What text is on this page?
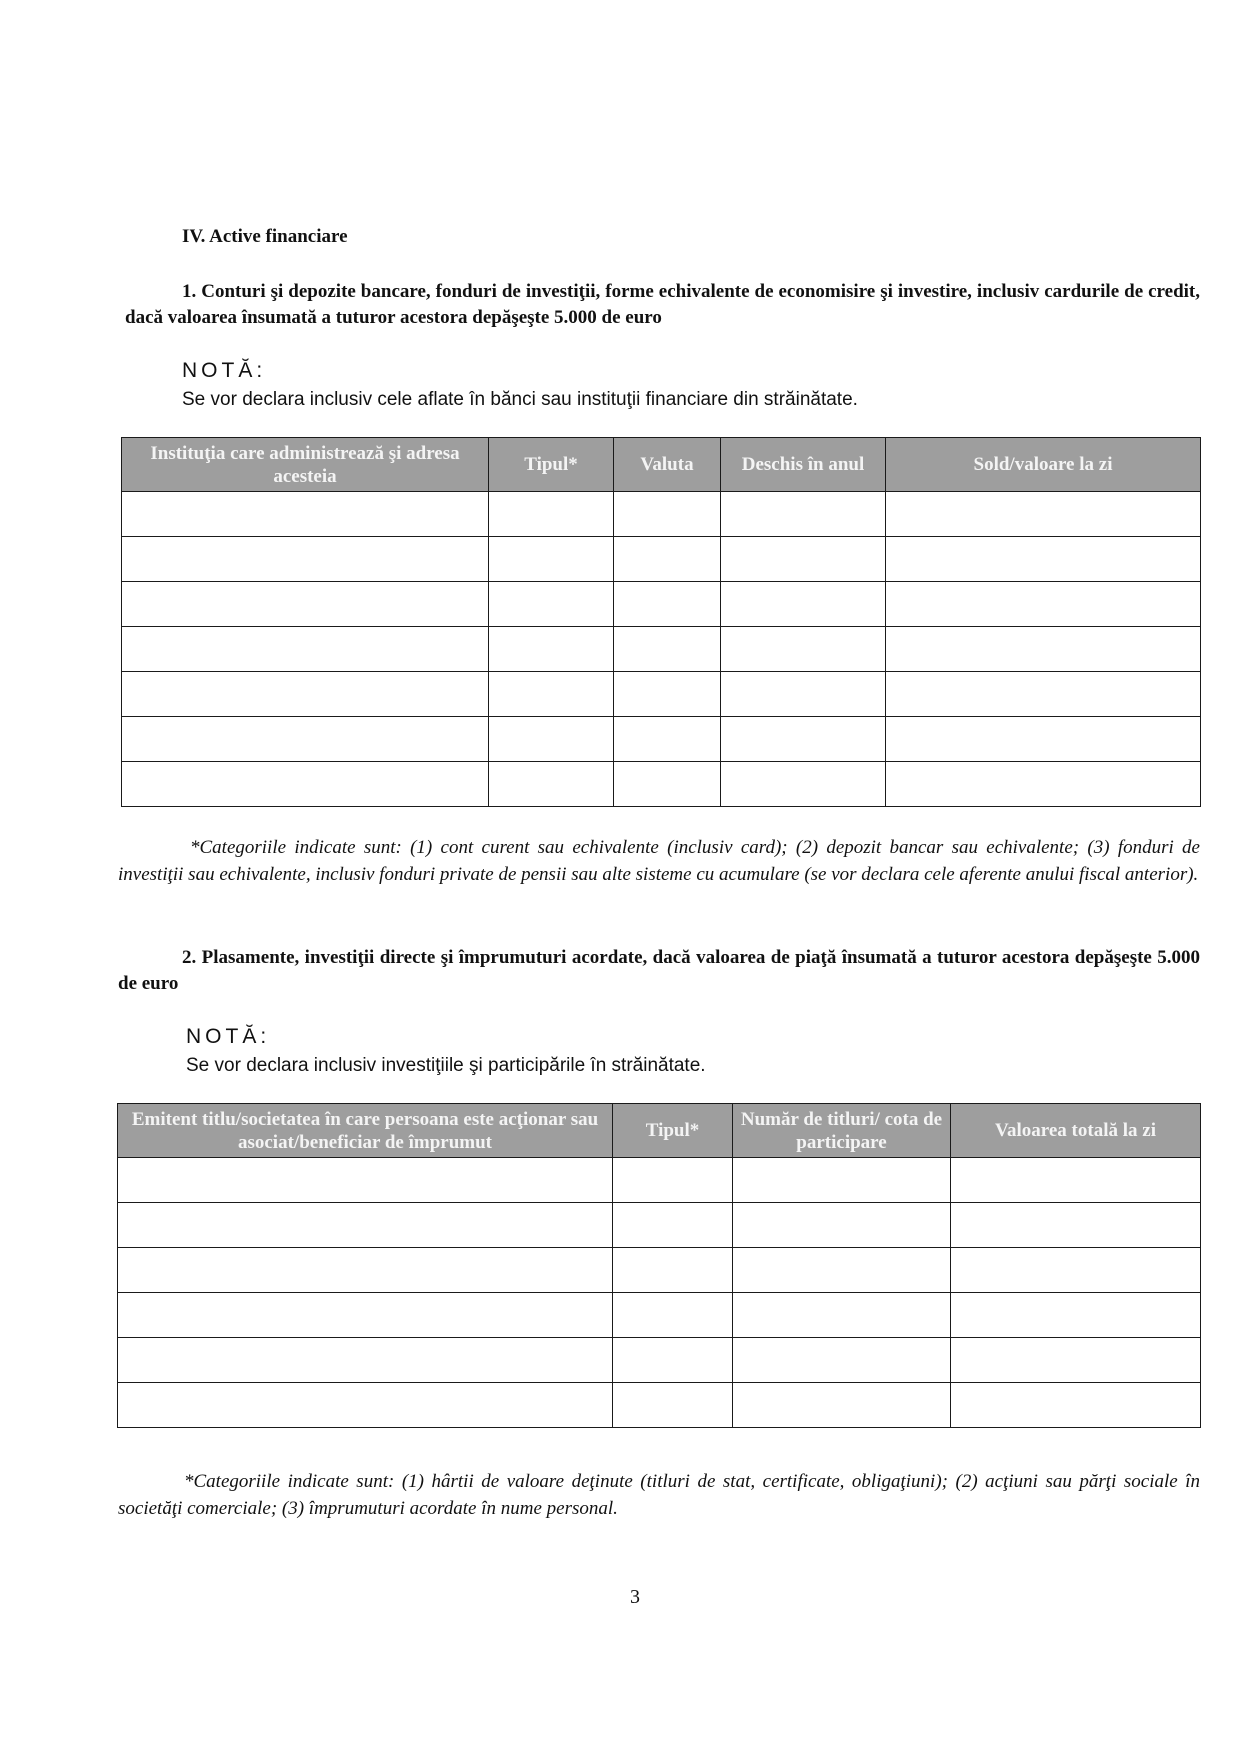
IV. Active financiare
1. Conturi şi depozite bancare, fonduri de investiţii, forme echivalente de economisire şi investire, inclusiv cardurile de credit, dacă valoarea însumată a tuturor acestora depăşeşte 5.000 de euro
NOTĂ:
Se vor declara inclusiv cele aflate în bănci sau instituţii financiare din străinătate.
Instituţia care administrează şi adresa acesteia	Tipul*	Valuta	Deschis în anul	Sold/valoare la zi

*Categoriile indicate sunt: (1) cont curent sau echivalente (inclusiv card); (2) depozit bancar sau echivalente; (3) fonduri de investiţii sau echivalente, inclusiv fonduri private de pensii sau alte sisteme cu acumulare (se vor declara cele aferente anului fiscal anterior).
2. Plasamente, investiţii directe şi împrumuturi acordate, dacă valoarea de piaţă însumată a tuturor acestora depăşeşte 5.000 de euro
NOTĂ:
Se vor declara inclusiv investiţiile şi participările în străinătate.
Emitent titlu/societatea în care persoana este acţionar sau asociat/beneficiar de împrumut	Tipul*	Număr de titluri/ cota de participare	Valoarea totală la zi

*Categoriile indicate sunt: (1) hârtii de valoare deţinute (titluri de stat, certificate, obligaţiuni); (2) acţiuni sau părţi sociale în societăţi comerciale; (3) împrumuturi acordate în nume personal.
3
